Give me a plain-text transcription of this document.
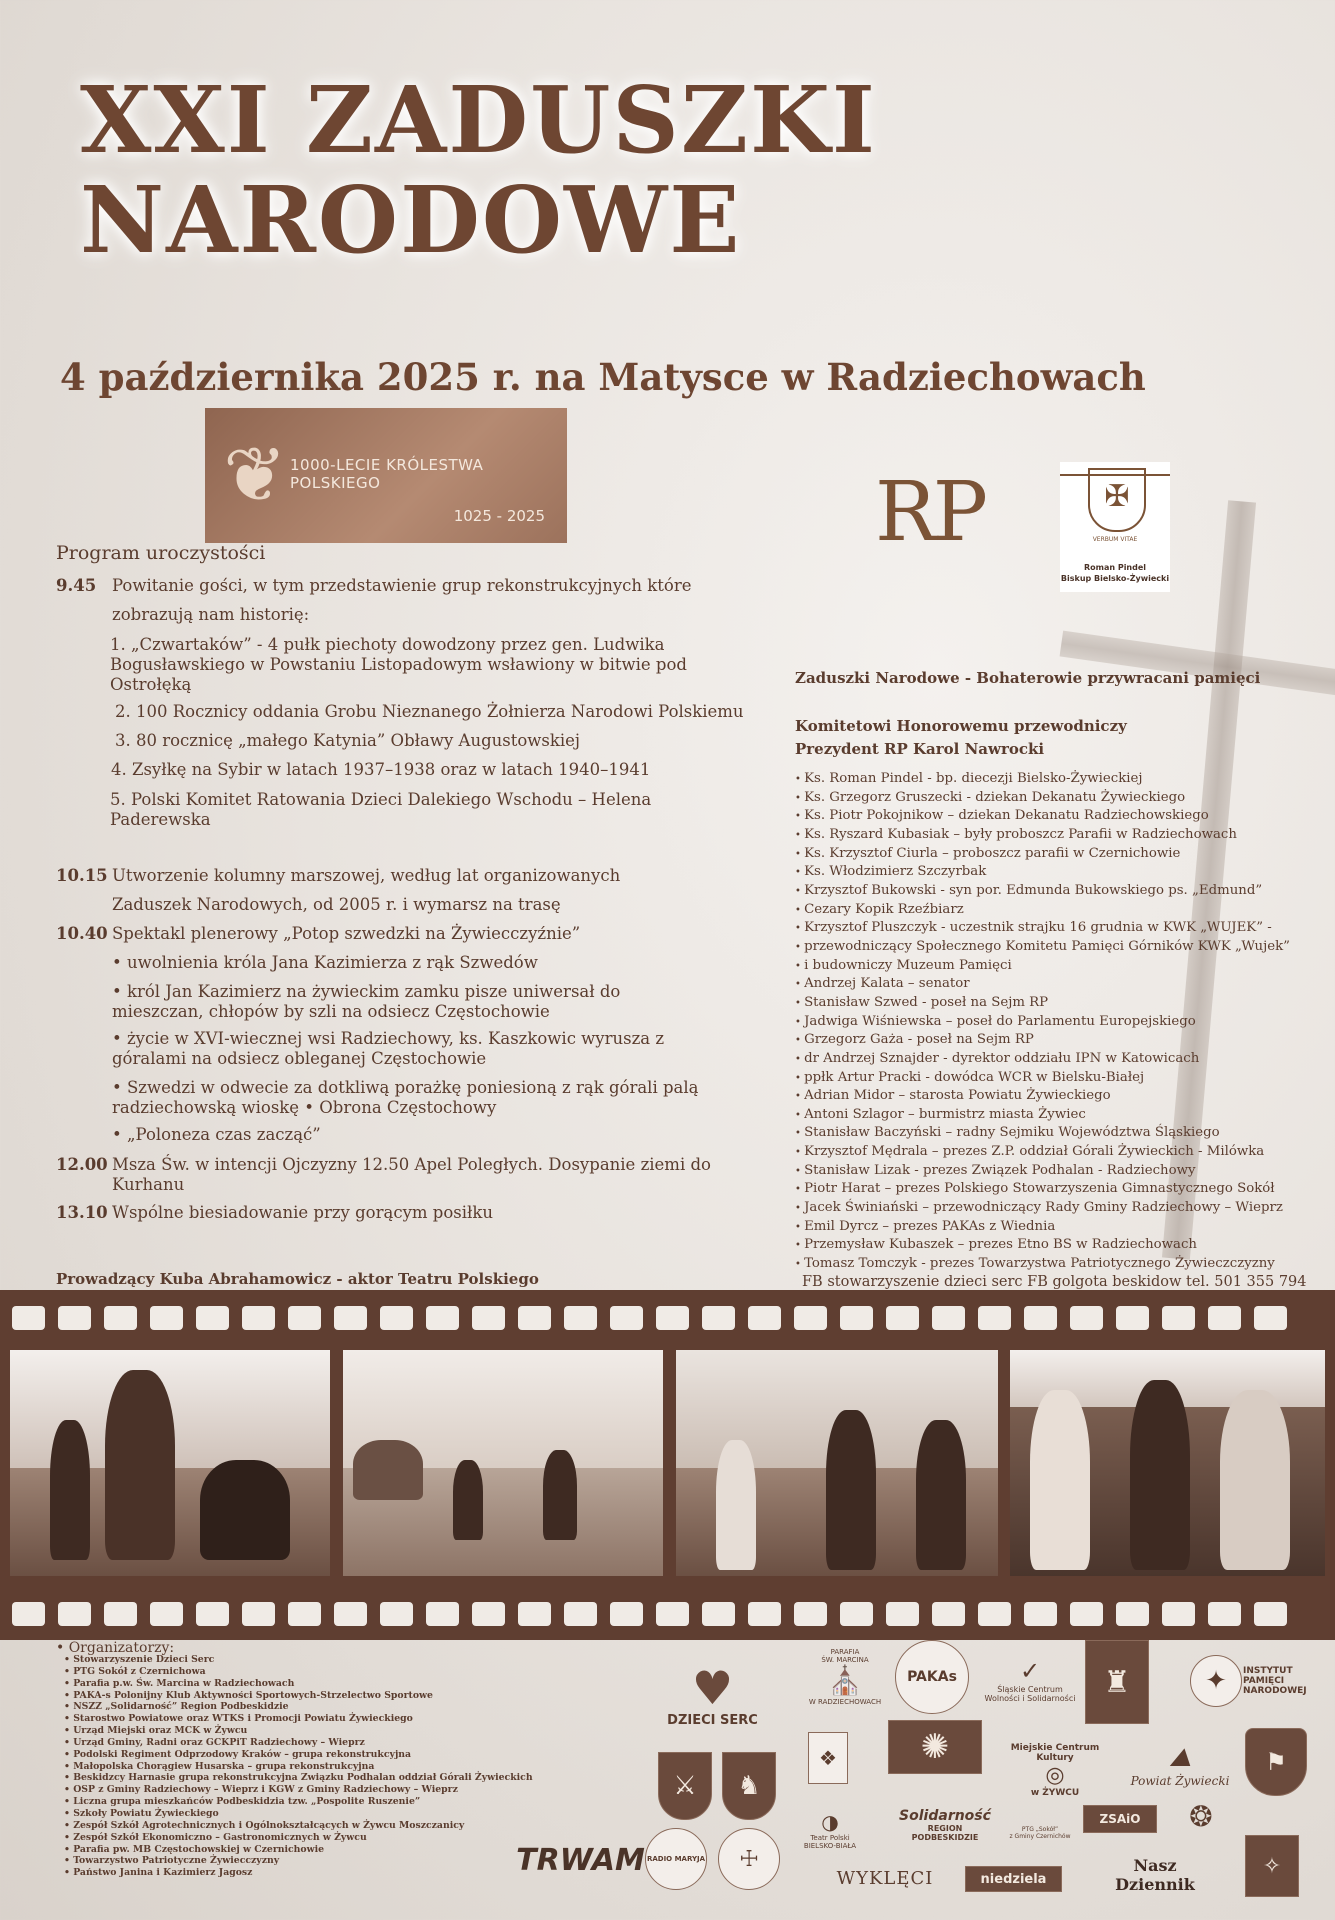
XXI ZADUSZKI
NARODOWE
4 października 2025 r. na Matysce w Radziechowach
❦ 1000-LECIE KRÓLESTWA POLSKIEGO
1025 - 2025	RP	✠
VERBUM VITAE
Roman Pindel
Biskup Bielsko-Żywiecki
Program uroczystości
9.45 Powitanie gości, w tym przedstawienie grup rekonstrukcyjnych które
zobrazują nam historię:
1. „Czwartaków” - 4 pułk piechoty dowodzony przez gen. Ludwika Bogusławskiego w Powstaniu Listopadowym wsławiony w bitwie pod Ostrołęką
2. 100 Rocznicy oddania Grobu Nieznanego Żołnierza Narodowi Polskiemu
3. 80 rocznicę „małego Katynia” Obławy Augustowskiej
4. Zsyłkę na Sybir w latach 1937–1938 oraz w latach 1940–1941
5. Polski Komitet Ratowania Dzieci Dalekiego Wschodu – Helena Paderewska
10.15 Utworzenie kolumny marszowej, według lat organizowanych
Zaduszek Narodowych, od 2005 r. i wymarsz na trasę
10.40 Spektakl plenerowy „Potop szwedzki na Żywiecczyźnie”
• uwolnienia króla Jana Kazimierza z rąk Szwedów
• król Jan Kazimierz na żywieckim zamku pisze uniwersał do mieszczan, chłopów by szli na odsiecz Częstochowie
• życie w XVI-wiecznej wsi Radziechowy, ks. Kaszkowic wyrusza z góralami na odsiecz obleganej Częstochowie
• Szwedzi w odwecie za dotkliwą porażkę poniesioną z rąk górali palą radziechowską wioskę • Obrona Częstochowy
• „Poloneza czas zacząć”
12.00 Msza Św. w intencji Ojczyzny 12.50 Apel Poległych. Dosypanie ziemi do Kurhanu
13.10 Wspólne biesiadowanie przy gorącym posiłku
Zaduszki Narodowe - Bohaterowie przywracani pamięci
Komitetowi Honorowemu przewodniczy
Prezydent RP Karol Nawrocki
• Ks. Roman Pindel - bp. diecezji Bielsko-Żywieckiej
• Ks. Grzegorz Gruszecki - dziekan Dekanatu Żywieckiego
• Ks. Piotr Pokojnikow – dziekan Dekanatu Radziechowskiego
• Ks. Ryszard Kubasiak – były proboszcz Parafii w Radziechowach
• Ks. Krzysztof Ciurla – proboszcz parafii w Czernichowie
• Ks. Włodzimierz Szczyrbak
• Krzysztof Bukowski - syn por. Edmunda Bukowskiego ps. „Edmund”
• Cezary Kopik Rzeźbiarz
• Krzysztof Pluszczyk - uczestnik strajku 16 grudnia w KWK „WUJEK” -
• przewodniczący Społecznego Komitetu Pamięci Górników KWK „Wujek”
• i budowniczy Muzeum Pamięci
• Andrzej Kalata – senator
• Stanisław Szwed - poseł na Sejm RP
• Jadwiga Wiśniewska – poseł do Parlamentu Europejskiego
• Grzegorz Gaża - poseł na Sejm RP
• dr Andrzej Sznajder - dyrektor oddziału IPN w Katowicach
• ppłk Artur Pracki - dowódca WCR w Bielsku-Białej
• Adrian Midor – starosta Powiatu Żywieckiego
• Antoni Szlagor – burmistrz miasta Żywiec
• Stanisław Baczyński – radny Sejmiku Województwa Śląskiego
• Krzysztof Mędrala – prezes Z.P. oddział Górali Żywieckich - Milówka
• Stanisław Lizak - prezes Związek Podhalan - Radziechowy
• Piotr Harat – prezes Polskiego Stowarzyszenia Gimnastycznego Sokół
• Jacek Świniański – przewodniczący Rady Gminy Radziechowy – Wieprz
• Emil Dyrcz – prezes PAKAs z Wiednia
• Przemysław Kubaszek – prezes Etno BS w Radziechowach
• Tomasz Tomczyk - prezes Towarzystwa Patriotycznego Żywieczczyzny
Prowadzący Kuba Abrahamowicz - aktor Teatru Polskiego	FB stowarzyszenie dzieci serc FB golgota beskidow tel. 501 355 794
• Organizatorzy:
• Stowarzyszenie Dzieci Serc
• PTG Sokół z Czernichowa
• Parafia p.w. Św. Marcina w Radziechowach
• PAKA-s Polonijny Klub Aktywności Sportowych-Strzelectwo Sportowe
• NSZZ „Solidarność” Region Podbeskidzie
• Starostwo Powiatowe oraz WTKS i Promocji Powiatu Żywieckiego
• Urząd Miejski oraz MCK w Żywcu
• Urząd Gminy, Radni oraz GCKPiT Radziechowy – Wieprz
• Podolski Regiment Odprzodowy Kraków – grupa rekonstrukcyjna
• Małopolska Chorągiew Husarska – grupa rekonstrukcyjna
• Beskidzcy Harnasie grupa rekonstrukcyjna Związku Podhalan oddział Górali Żywieckich
• OSP z Gminy Radziechowy – Wieprz i KGW z Gminy Radziechowy – Wieprz
• Liczna grupa mieszkańców Podbeskidzia tzw. „Pospolite Ruszenie”
• Szkoły Powiatu Żywieckiego
• Zespół Szkół Agrotechnicznych i Ogólnokształcących w Żywcu Moszczanicy
• Zespół Szkół Ekonomiczno – Gastronomicznych w Żywcu
• Parafia pw. MB Częstochowskiej w Czernichowie
• Towarzystwo Patriotyczne Żywiecczyzny
• Państwo Janina i Kazimierz Jagosz
♥
DZIECI SERC
PARAFIA
ŚW. MARCINA
⛪
W RADZIECHOWACH
PAKAs	✓
Śląskie Centrum
Wolności i Solidarności ♜	✦	INSTYTUT
PAMIĘCI
NARODOWEJ
⚔	♞
❖	✺	Miejskie Centrum Kultury
◎
w ŻYWCU
⛰
Powiat Żywiecki
⚑
◑
Teatr Polski
BIELSKO-BIAŁA
Solidarność
REGION PODBESKIDZIE
PTG „Sokół”
z Gminy Czernichów
ZSAiO	❂
TRWAM RADIO MARYJA	☩
WYKLĘCI	niedziela
Nasz Dziennik
✧
